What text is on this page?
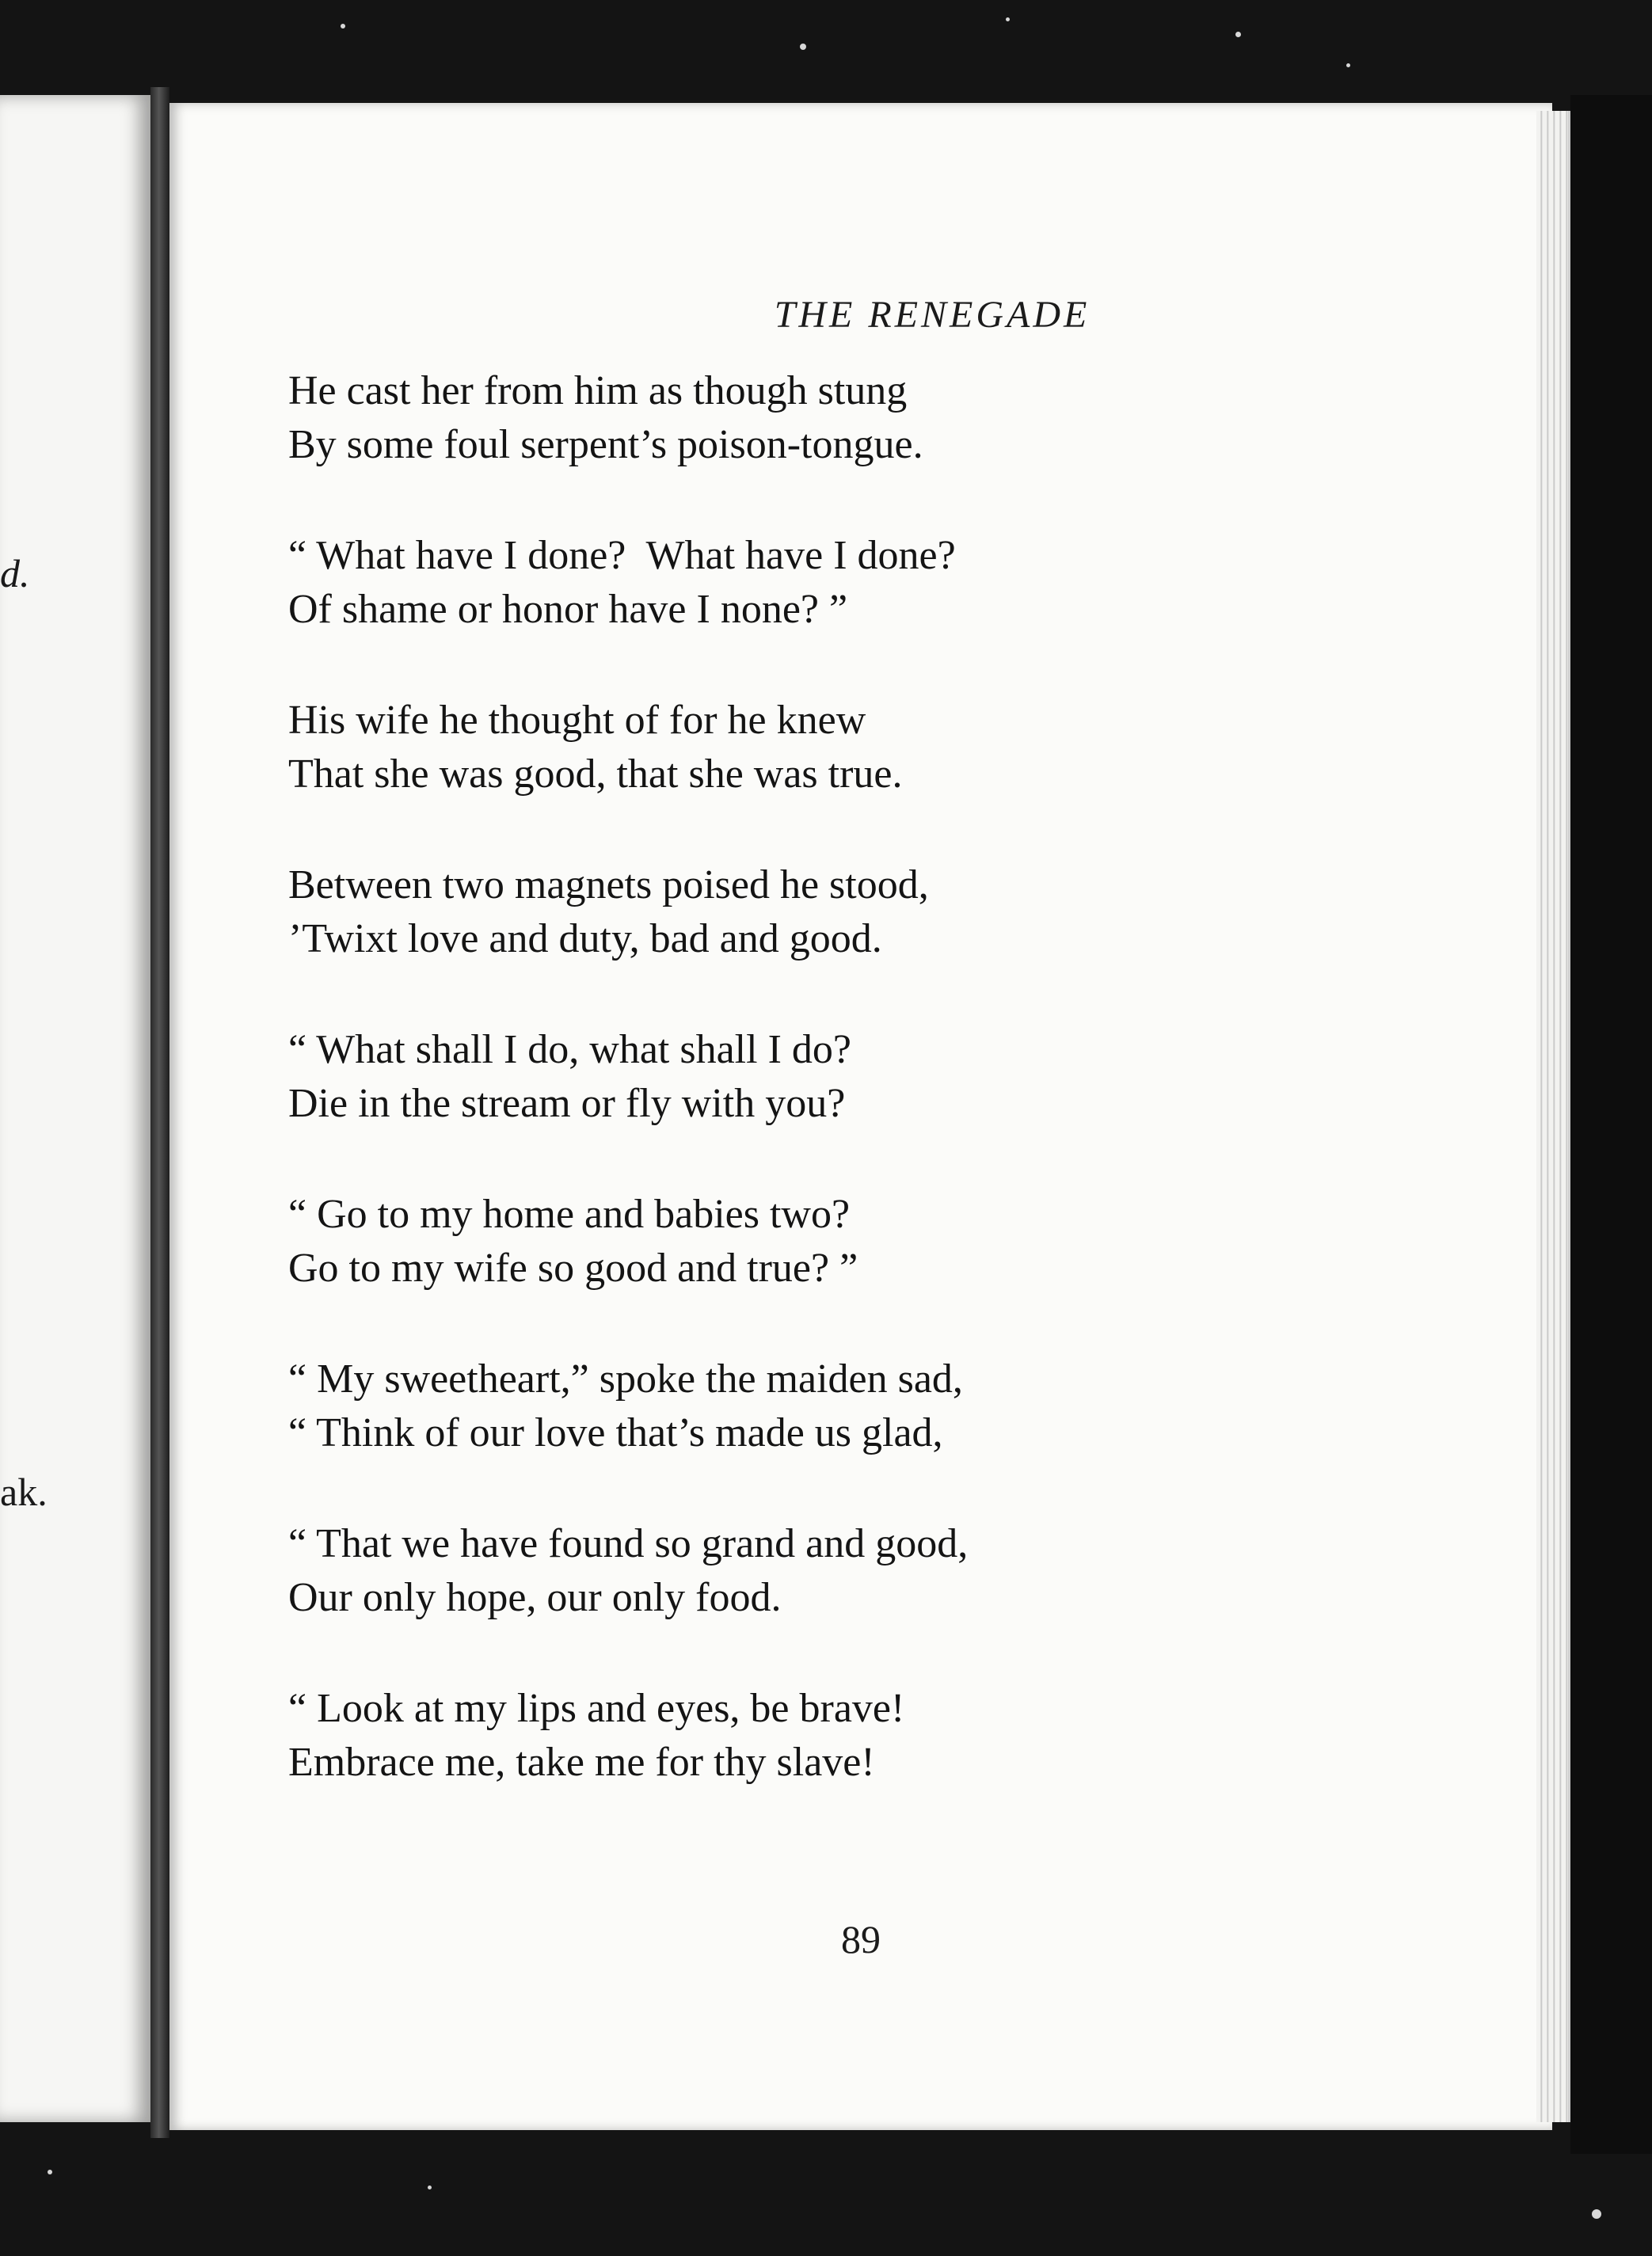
d.
ak.
THE RENEGADE
He cast her from him as though stung
By some foul serpent’s poison-tongue.
“ What have I done?  What have I done?
Of shame or honor have I none? ”
His wife he thought of for he knew
That she was good, that she was true.
Between two magnets poised he stood,
’Twixt love and duty, bad and good.
“ What shall I do, what shall I do?
Die in the stream or fly with you?
“ Go to my home and babies two?
Go to my wife so good and true? ”
“ My sweetheart,” spoke the maiden sad,
“ Think of our love that’s made us glad,
“ That we have found so grand and good,
Our only hope, our only food.
“ Look at my lips and eyes, be brave!
Embrace me, take me for thy slave!
89
